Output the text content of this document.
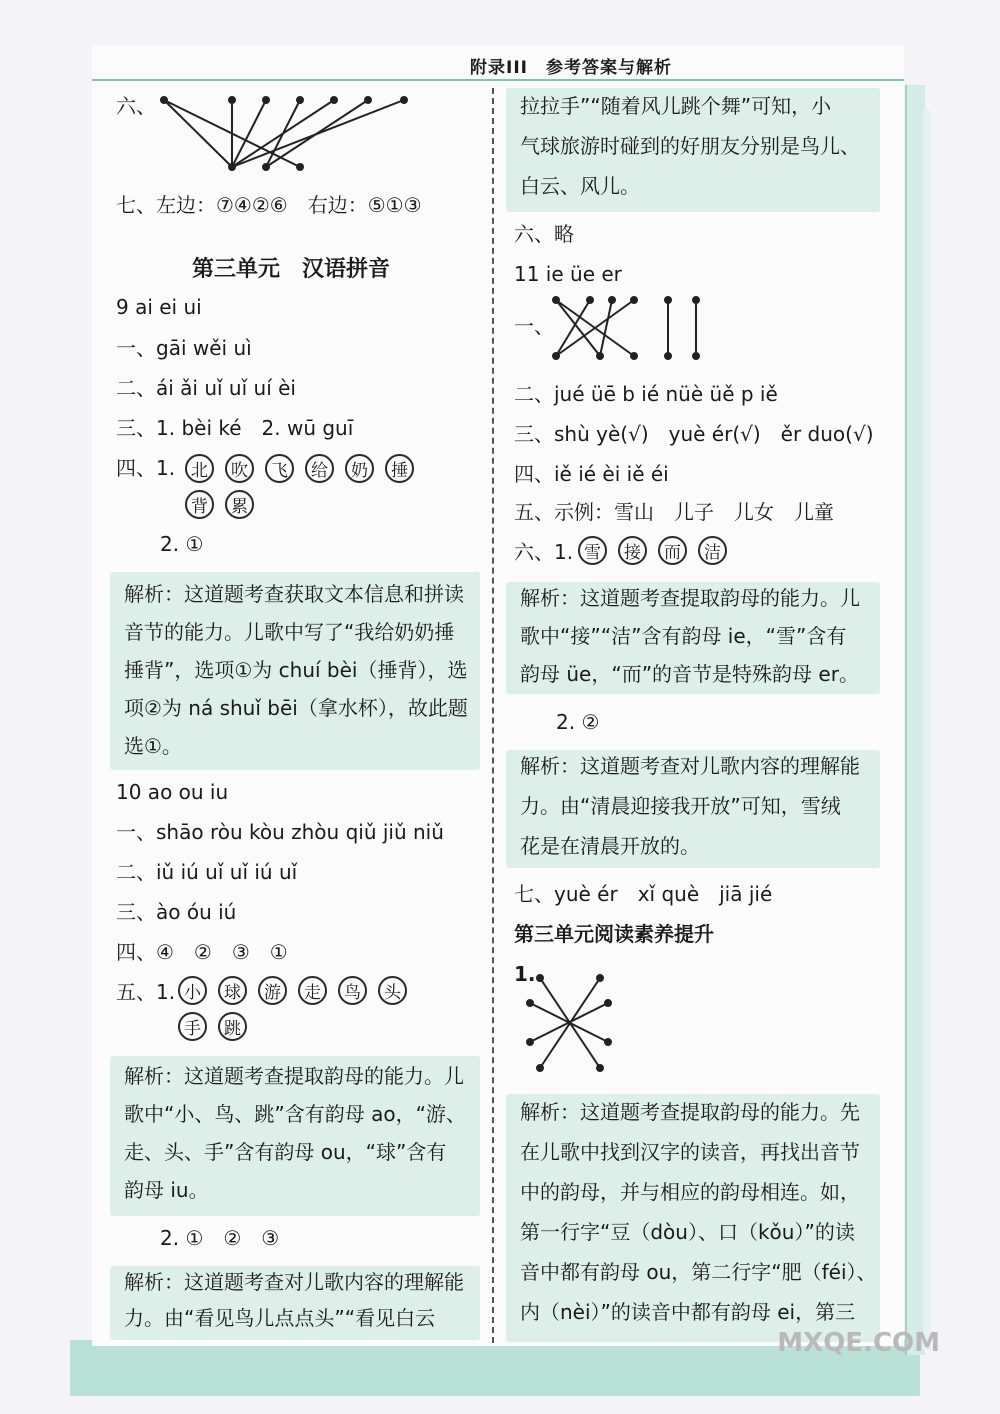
附录III　参考答案与解析
六、
七、左边：⑦④②⑥　右边：⑤①③
第三单元　汉语拼音
9 ai ei ui
一、gāi wěi uì
二、ái ǎi uǐ uǐ uí èi
三、1. bèi ké　2. wū guī
四、1. 北	吹	飞	给	奶	捶
背	累
2. ①
解析：这道题考查获取文本信息和拼读
音节的能力。儿歌中写了“我给奶奶捶
捶背”，选项①为 chuí bèi（捶背），选
项②为 ná shuǐ bēi（拿水杯），故此题
选①。
10 ao ou iu
一、shāo ròu kòu zhòu qiǔ jiǔ niǔ
二、iǔ iú uǐ uǐ iú uǐ
三、ào óu iú
四、④　②　③　①
五、1. 小	球	游	走	鸟	头
手	跳
解析：这道题考查提取韵母的能力。儿
歌中“小、鸟、跳”含有韵母 ao，“游、
走、头、手”含有韵母 ou，“球”含有
韵母 iu。
2. ①　②　③
解析：这道题考查对儿歌内容的理解能
力。由“看见鸟儿点点头”“看见白云
拉拉手”“随着风儿跳个舞”可知，小
气球旅游时碰到的好朋友分别是鸟儿、
白云、风儿。
六、略
11 ie üe er
一、
二、jué üē b ié nüè üě p iě
三、shù yè(√)　yuè ér(√)　ěr duo(√)
四、iě ié èi iě éi
五、示例：雪山　儿子　儿女　儿童
六、1. 雪	接	而	洁
解析：这道题考查提取韵母的能力。儿
歌中“接”“洁”含有韵母 ie，“雪”含有
韵母 üe，“而”的音节是特殊韵母 er。
2. ②
解析：这道题考查对儿歌内容的理解能
力。由“清晨迎接我开放”可知，雪绒
花是在清晨开放的。
七、yuè ér　xǐ què　jiā jié
第三单元阅读素养提升
1.
解析：这道题考查提取韵母的能力。先
在儿歌中找到汉字的读音，再找出音节
中的韵母，并与相应的韵母相连。如，
第一行字“豆（dòu）、口（kǒu）”的读
音中都有韵母 ou，第二行字“肥（féi）、
内（nèi）”的读音中都有韵母 ei，第三
MXQE.COM
